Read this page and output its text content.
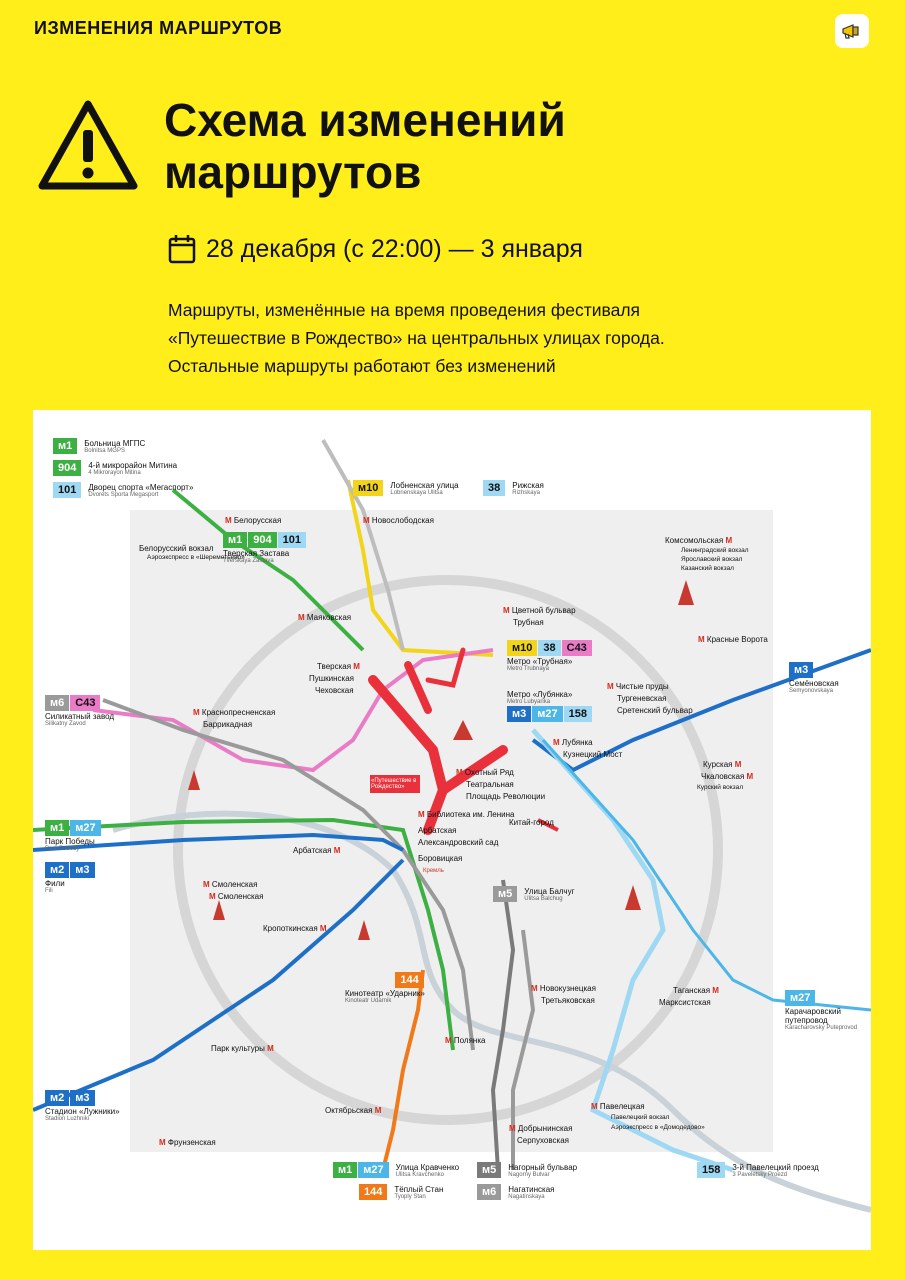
ИЗМЕНЕНИЯ МАРШРУТОВ
Схема изменений
маршрутов
28 декабря (с 22:00) — 3 января
Маршруты, изменённые на время проведения фестиваля
«Путешествие в Рождество» на центральных улицах города.
Остальные маршруты работают без изменений
м1	Больница МГПС
Bolnitsa MGPS
904	4-й микрорайон Митина
4 Mikrorayon Mitina
101	Дворец спорта «Мегаспорт»
Dvorets Sporta Megasport
м10	Лобненская улица
Lobnenskaya Ulitsa	38	Рижская
Rizhskaya
м1 904 101
Тверская Застава
Tverskaya Zastava
м10 38 С43
Метро «Трубная»
Metro Trubnaya
м3 м27 158
Метро «Лубянка»
Metro Lubyanka
м6 С43
Силикатный завод
Silikatny Zavod
м3
Семёновская
Semyonovskaya
м1 м27
Парк Победы
Park Pobedy
м2 м3
Фили
Fili	м5	Улица Балчуг
Ulitsa Balchug
144
Кинотеатр «Ударник»
Kinoteatr Udarnik	м27
Карачаровский путепровод
Karacharovsky Puteprovod
м2 м3
Стадион «Лужники»
Stadion Luzhniki
м1 м27	Улица Кравченко
Ulitsa Kravchenko
144	Тёплый Стан
Tyoply Stan
м5	Нагорный бульвар
Nagorny Bulvar
м6	Нагатинская
Nagatinskaya
158	3-й Павелецкий проезд
3 Paveletsky Proezd
М Белорусская	М Новослободская
Белорусский вокзал
Аэроэкспресс в «Шереметьево»
Комсомольская М
Ленинградский вокзал
Ярославский вокзал
Казанский вокзал
М Цветной бульвар
Трубная
М Маяковская
М Красные Ворота
Тверская М
Пушкинская
Чеховская	М Чистые пруды
Тургеневская
Сретенский бульвар
М Краснопресненская
Баррикадная
М Лубянка
Кузнецкий Мост
М Охотный Ряд
Театральная
Площадь Революции
Курская М
Чкаловская М
Курский вокзал
«Путешествие в Рождество»
М Библиотека им. Ленина
Арбатская
Александровский сад
Боровицкая
Китай-город
Арбатская М
Кремль
М Смоленская
М Смоленская
Кропоткинская М
М Новокузнецкая
Третьяковская
Таганская М
Марксистская
Парк культуры М
М Полянка
Октябрьская М
М Добрынинская
Серпуховская
М Павелецкая
Павелецкий вокзал
Аэроэкспресс в «Домодедово»
М Фрунзенская
